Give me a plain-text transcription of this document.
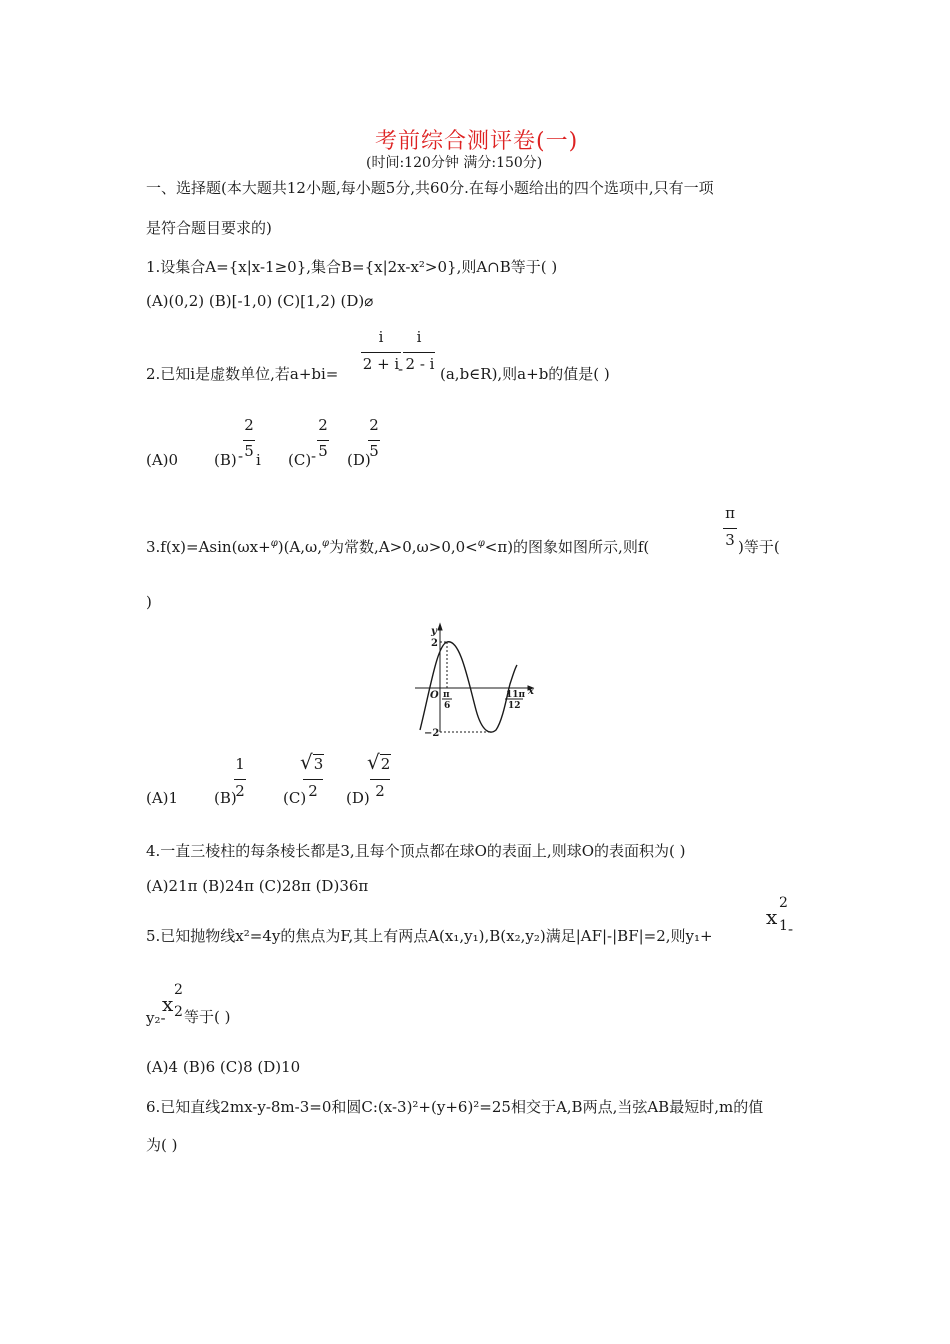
考前综合测评卷(一)
(时间:120分钟 满分:150分)
一、选择题(本大题共12小题,每小题5分,共60分.在每小题给出的四个选项中,只有一项
是符合题目要求的)
1.设集合A={x|x-1≥0},集合B={x|2x-x²>0},则A∩B等于( )
(A)(0,2) (B)[-1,0) (C)[1,2) (D)⌀
2.已知i是虚数单位,若a+bi=
i
2 + i
-
i
2 - i
(a,b∈R),则a+b的值是( )
(A)0 (B) -
2
5 i (C) -
2
5 (D)
2
5
3.f(x)=Asin(ωx+$^\varphi$)(A,ω,$^\varphi$为常数,A>0,ω>0,0<$^\varphi$<π)的图象如图所示,则f(
π
3 )等于(
)
y
x
O
2
−2
π
6
11π
12
(A)1 (B)
1
2	(C)
√3
2	(D)
√2
2
4.一直三棱柱的每条棱长都是3,且每个顶点都在球O的表面上,则球O的表面积为( )
(A)21π (B)24π (C)28π (D)36π
5.已知抛物线x²=4y的焦点为F,其上有两点A(x₁,y₁),B(x₂,y₂)满足|AF|-|BF|=2,则y₁+
x
2
1 -
y₂-
x
2
2 等于( )
(A)4 (B)6 (C)8 (D)10
6.已知直线2mx-y-8m-3=0和圆C:(x-3)²+(y+6)²=25相交于A,B两点,当弦AB最短时,m的值
为( )
